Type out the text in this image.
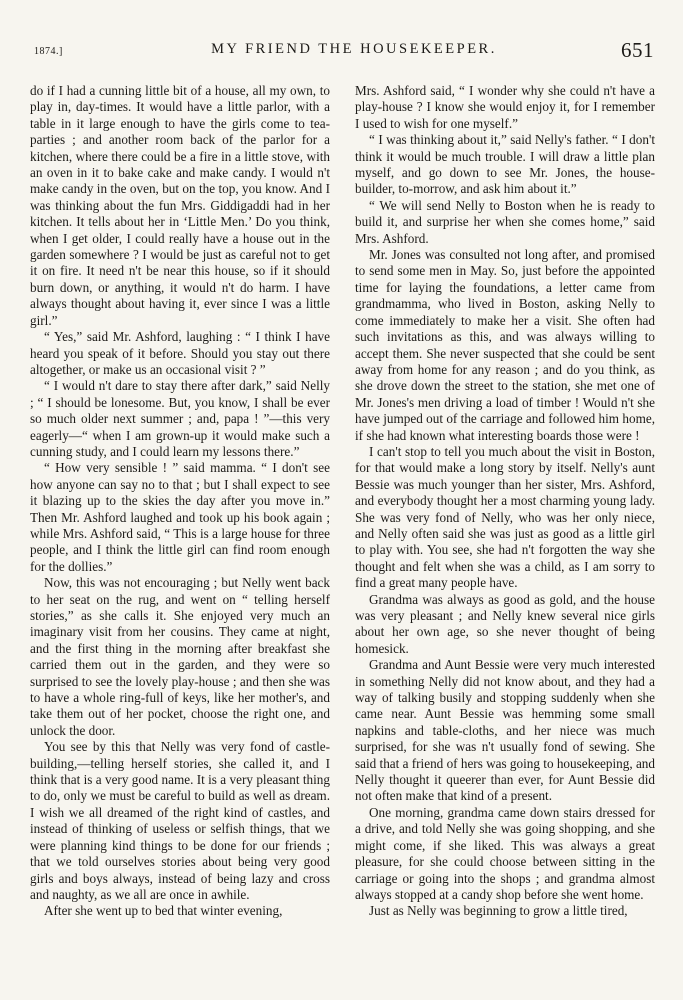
1874.]	MY FRIEND THE HOUSEKEEPER.	651

do if I had a cunning little bit of a house, all my own, to play in, day-times. It would have a little parlor, with a table in it large enough to have the girls come to tea-parties ; and another room back of the parlor for a kitchen, where there could be a fire in a little stove, with an oven in it to bake cake and make candy. I would n't make candy in the oven, but on the top, you know. And I was thinking about the fun Mrs. Giddigaddi had in her kitchen. It tells about her in ‘Little Men.’ Do you think, when I get older, I could really have a house out in the garden somewhere ? I would be just as careful not to get it on fire. It need n't be near this house, so if it should burn down, or anything, it would n't do harm. I have always thought about having it, ever since I was a little girl.”

“ Yes,” said Mr. Ashford, laughing : “ I think I have heard you speak of it before. Should you stay out there altogether, or make us an occasional visit ? ”

“ I would n't dare to stay there after dark,” said Nelly ; “ I should be lonesome. But, you know, I shall be ever so much older next summer ; and, papa ! ”—this very eagerly—“ when I am grown-up it would make such a cunning study, and I could learn my lessons there.”

“ How very sensible ! ” said mamma. “ I don't see how anyone can say no to that ; but I shall expect to see it blazing up to the skies the day after you move in.” Then Mr. Ashford laughed and took up his book again ; while Mrs. Ashford said, “ This is a large house for three people, and I think the little girl can find room enough for the dollies.”

Now, this was not encouraging ; but Nelly went back to her seat on the rug, and went on “ telling herself stories,” as she calls it. She enjoyed very much an imaginary visit from her cousins. They came at night, and the first thing in the morning after breakfast she carried them out in the garden, and they were so surprised to see the lovely play-house ; and then she was to have a whole ring-full of keys, like her mother's, and take them out of her pocket, choose the right one, and unlock the door.

You see by this that Nelly was very fond of castle-building,—telling herself stories, she called it, and I think that is a very good name. It is a very pleasant thing to do, only we must be careful to build as well as dream. I wish we all dreamed of the right kind of castles, and instead of thinking of useless or selfish things, that we were planning kind things to be done for our friends ; that we told ourselves stories about being very good girls and boys always, instead of being lazy and cross and naughty, as we all are once in awhile.

After she went up to bed that winter evening,

Mrs. Ashford said, “ I wonder why she could n't have a play-house ? I know she would enjoy it, for I remember I used to wish for one myself.”

“ I was thinking about it,” said Nelly's father. “ I don't think it would be much trouble. I will draw a little plan myself, and go down to see Mr. Jones, the house-builder, to-morrow, and ask him about it.”

“ We will send Nelly to Boston when he is ready to build it, and surprise her when she comes home,” said Mrs. Ashford.

Mr. Jones was consulted not long after, and promised to send some men in May. So, just before the appointed time for laying the foundations, a letter came from grandmamma, who lived in Boston, asking Nelly to come immediately to make her a visit. She often had such invitations as this, and was always willing to accept them. She never suspected that she could be sent away from home for any reason ; and do you think, as she drove down the street to the station, she met one of Mr. Jones's men driving a load of timber ! Would n't she have jumped out of the carriage and followed him home, if she had known what interesting boards those were !

I can't stop to tell you much about the visit in Boston, for that would make a long story by itself. Nelly's aunt Bessie was much younger than her sister, Mrs. Ashford, and everybody thought her a most charming young lady. She was very fond of Nelly, who was her only niece, and Nelly often said she was just as good as a little girl to play with. You see, she had n't forgotten the way she thought and felt when she was a child, as I am sorry to find a great many people have.

Grandma was always as good as gold, and the house was very pleasant ; and Nelly knew several nice girls about her own age, so she never thought of being homesick.

Grandma and Aunt Bessie were very much interested in something Nelly did not know about, and they had a way of talking busily and stopping suddenly when she came near. Aunt Bessie was hemming some small napkins and table-cloths, and her niece was much surprised, for she was n't usually fond of sewing. She said that a friend of hers was going to housekeeping, and Nelly thought it queerer than ever, for Aunt Bessie did not often make that kind of a present.

One morning, grandma came down stairs dressed for a drive, and told Nelly she was going shopping, and she might come, if she liked. This was always a great pleasure, for she could choose between sitting in the carriage or going into the shops ; and grandma almost always stopped at a candy shop before she went home.

Just as Nelly was beginning to grow a little tired,
